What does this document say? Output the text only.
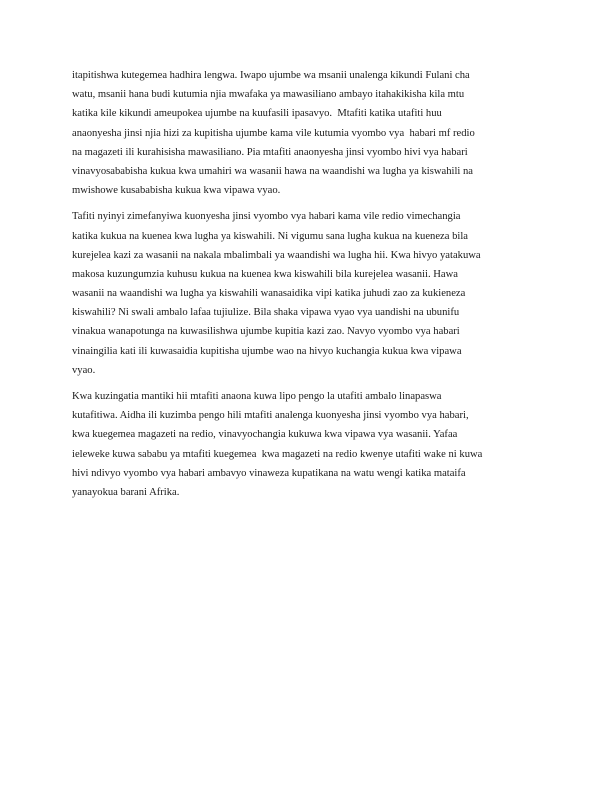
itapitishwa kutegemea hadhira lengwa. Iwapo ujumbe wa msanii unalenga kikundi Fulani cha
watu, msanii hana budi kutumia njia mwafaka ya mawasiliano ambayo itahakikisha kila mtu
katika kile kikundi ameupokea ujumbe na kuufasili ipasavyo.  Mtafiti katika utafiti huu
anaonyesha jinsi njia hizi za kupitisha ujumbe kama vile kutumia vyombo vya  habari mf redio
na magazeti ili kurahisisha mawasiliano. Pia mtafiti anaonyesha jinsi vyombo hivi vya habari
vinavyosababisha kukua kwa umahiri wa wasanii hawa na waandishi wa lugha ya kiswahili na
mwishowe kusababisha kukua kwa vipawa vyao.

Tafiti nyinyi zimefanyiwa kuonyesha jinsi vyombo vya habari kama vile redio vimechangia
katika kukua na kuenea kwa lugha ya kiswahili. Ni vigumu sana lugha kukua na kueneza bila
kurejelea kazi za wasanii na nakala mbalimbali ya waandishi wa lugha hii. Kwa hivyo yatakuwa
makosa kuzungumzia kuhusu kukua na kuenea kwa kiswahili bila kurejelea wasanii. Hawa
wasanii na waandishi wa lugha ya kiswahili wanasaidika vipi katika juhudi zao za kukieneza
kiswahili? Ni swali ambalo lafaa tujiulize. Bila shaka vipawa vyao vya uandishi na ubunifu
vinakua wanapotunga na kuwasilishwa ujumbe kupitia kazi zao. Navyo vyombo vya habari
vinaingilia kati ili kuwasaidia kupitisha ujumbe wao na hivyo kuchangia kukua kwa vipawa
vyao.

Kwa kuzingatia mantiki hii mtafiti anaona kuwa lipo pengo la utafiti ambalo linapaswa
kutafitiwa. Aidha ili kuzimba pengo hili mtafiti analenga kuonyesha jinsi vyombo vya habari,
kwa kuegemea magazeti na redio, vinavyochangia kukuwa kwa vipawa vya wasanii. Yafaa
ieleweke kuwa sababu ya mtafiti kuegemea  kwa magazeti na redio kwenye utafiti wake ni kuwa
hivi ndivyo vyombo vya habari ambavyo vinaweza kupatikana na watu wengi katika mataifa
yanayokua barani Afrika.
